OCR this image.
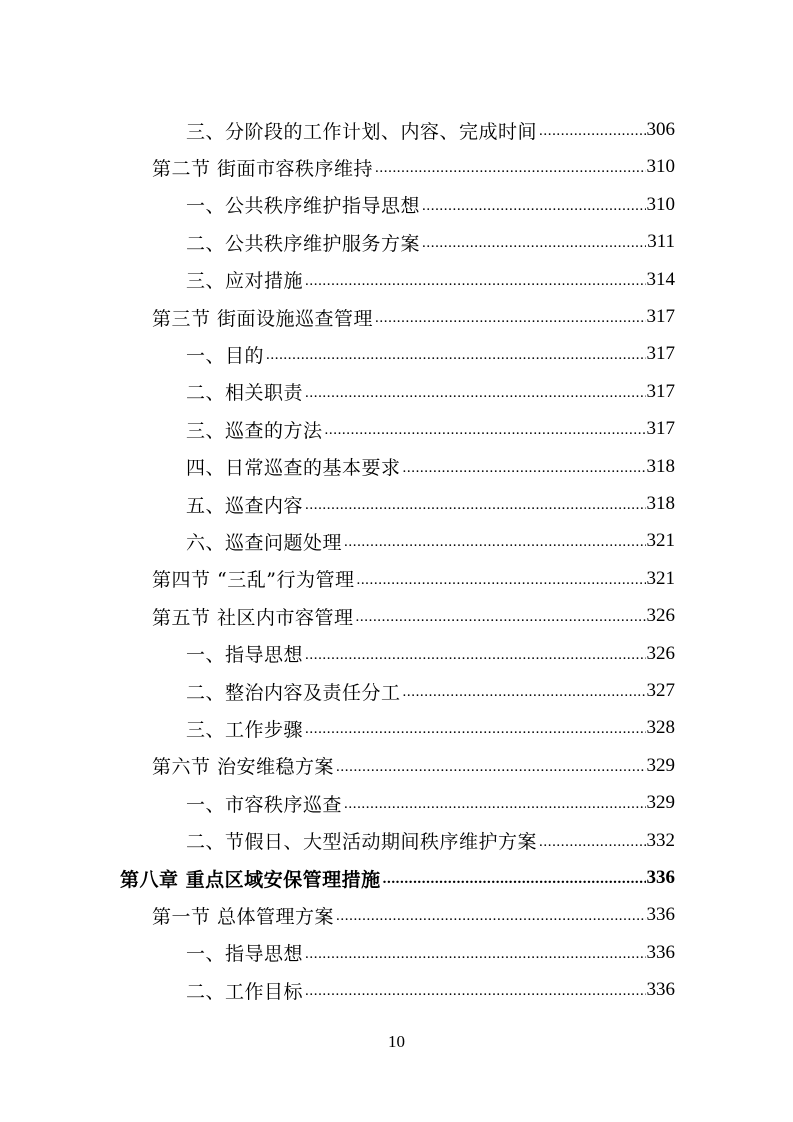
三、分阶段的工作计划、内容、完成时间 .....	306
第二节 街面市容秩序维持 .....	310
一、公共秩序维护指导思想 .....	310
二、公共秩序维护服务方案 .....	311
三、应对措施 .....	314
第三节 街面设施巡查管理 .....	317
一、目的 .....	317
二、相关职责 .....	317
三、巡查的方法 .....	317
四、日常巡查的基本要求 .....	318
五、巡查内容 .....	318
六、巡查问题处理 .....	321
第四节 “三乱”行为管理 .....	321
第五节 社区内市容管理 .....	326
一、指导思想 .....	326
二、整治内容及责任分工 .....	327
三、工作步骤 .....	328
第六节 治安维稳方案 .....	329
一、市容秩序巡查 .....	329
二、节假日、大型活动期间秩序维护方案 .....	332
第八章 重点区域安保管理措施 .....	336
第一节 总体管理方案 .....	336
一、指导思想 .....	336
二、工作目标 .....	336
10
